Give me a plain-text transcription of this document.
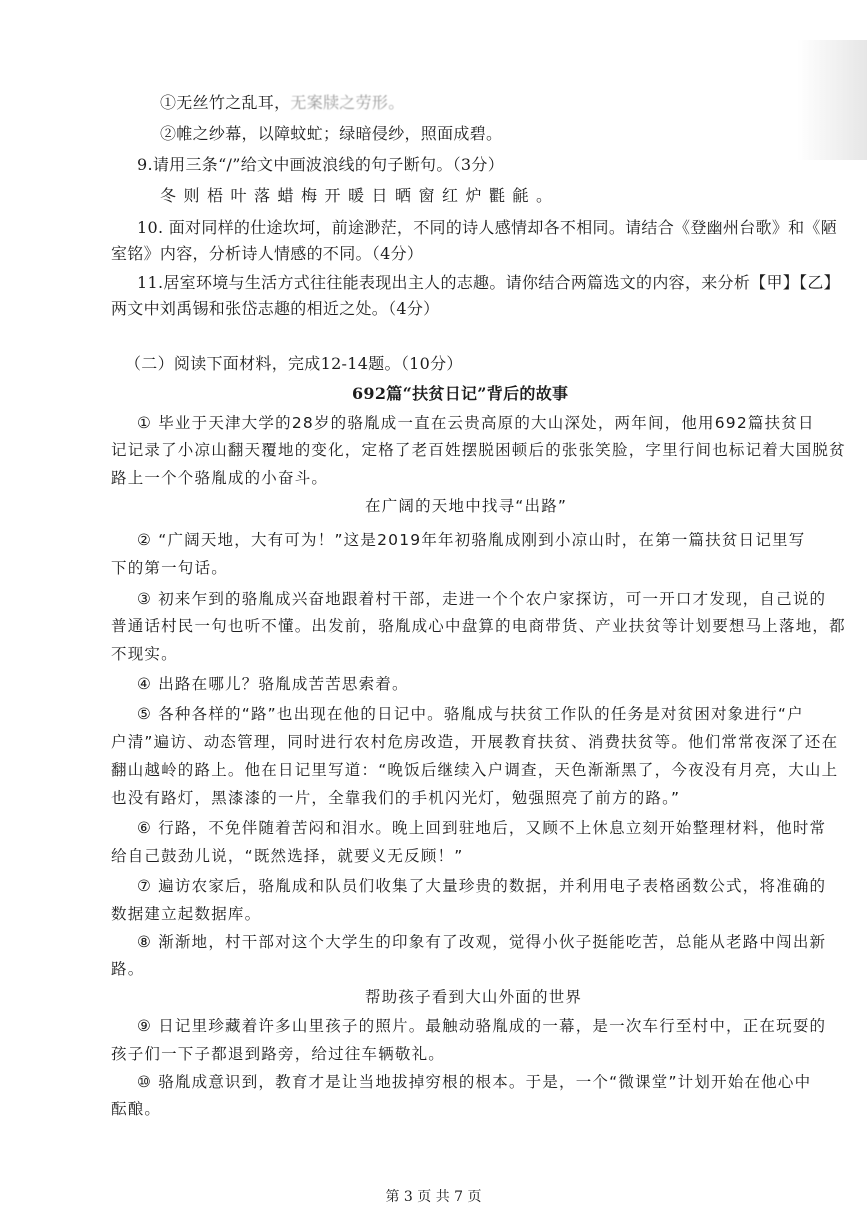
①无丝竹之乱耳，无案牍之劳形。
②帷之纱幕，以障蚊虻；绿暗侵纱，照面成碧。
9.请用三条“/”给文中画波浪线的句子断句。（3分）
冬则梧叶落蜡梅开暖日晒窗红炉氍毹。
10. 面对同样的仕途坎坷，前途渺茫，不同的诗人感情却各不相同。请结合《登幽州台歌》和《陋
室铭》内容，分析诗人情感的不同。（4分）
11.居室环境与生活方式往往能表现出主人的志趣。请你结合两篇选文的内容，来分析【甲】【乙】
两文中刘禹锡和张岱志趣的相近之处。（4分）
（二）阅读下面材料，完成12-14题。（10分）
692篇“扶贫日记”背后的故事
① 毕业于天津大学的28岁的骆胤成一直在云贵高原的大山深处，两年间，他用692篇扶贫日
记记录了小凉山翻天覆地的变化，定格了老百姓摆脱困顿后的张张笑脸，字里行间也标记着大国脱贫
路上一个个骆胤成的小奋斗。
在广阔的天地中找寻“出路”
② “广阔天地，大有可为！”这是2019年年初骆胤成刚到小凉山时，在第一篇扶贫日记里写
下的第一句话。
③ 初来乍到的骆胤成兴奋地跟着村干部，走进一个个农户家探访，可一开口才发现，自己说的
普通话村民一句也听不懂。出发前，骆胤成心中盘算的电商带货、产业扶贫等计划要想马上落地，都
不现实。
④ 出路在哪儿？骆胤成苦苦思索着。
⑤ 各种各样的“路”也出现在他的日记中。骆胤成与扶贫工作队的任务是对贫困对象进行“户
户清”遍访、动态管理，同时进行农村危房改造，开展教育扶贫、消费扶贫等。他们常常夜深了还在
翻山越岭的路上。他在日记里写道：“晚饭后继续入户调查，天色渐渐黑了，今夜没有月亮，大山上
也没有路灯，黑漆漆的一片，全靠我们的手机闪光灯，勉强照亮了前方的路。”
⑥ 行路，不免伴随着苦闷和泪水。晚上回到驻地后，又顾不上休息立刻开始整理材料，他时常
给自己鼓劲儿说，“既然选择，就要义无反顾！”
⑦ 遍访农家后，骆胤成和队员们收集了大量珍贵的数据，并利用电子表格函数公式，将准确的
数据建立起数据库。
⑧ 渐渐地，村干部对这个大学生的印象有了改观，觉得小伙子挺能吃苦，总能从老路中闯出新
路。
帮助孩子看到大山外面的世界
⑨ 日记里珍藏着许多山里孩子的照片。最触动骆胤成的一幕，是一次车行至村中，正在玩耍的
孩子们一下子都退到路旁，给过往车辆敬礼。
⑩ 骆胤成意识到，教育才是让当地拔掉穷根的根本。于是，一个“微课堂”计划开始在他心中
酝酿。
第 3 页 共 7 页
